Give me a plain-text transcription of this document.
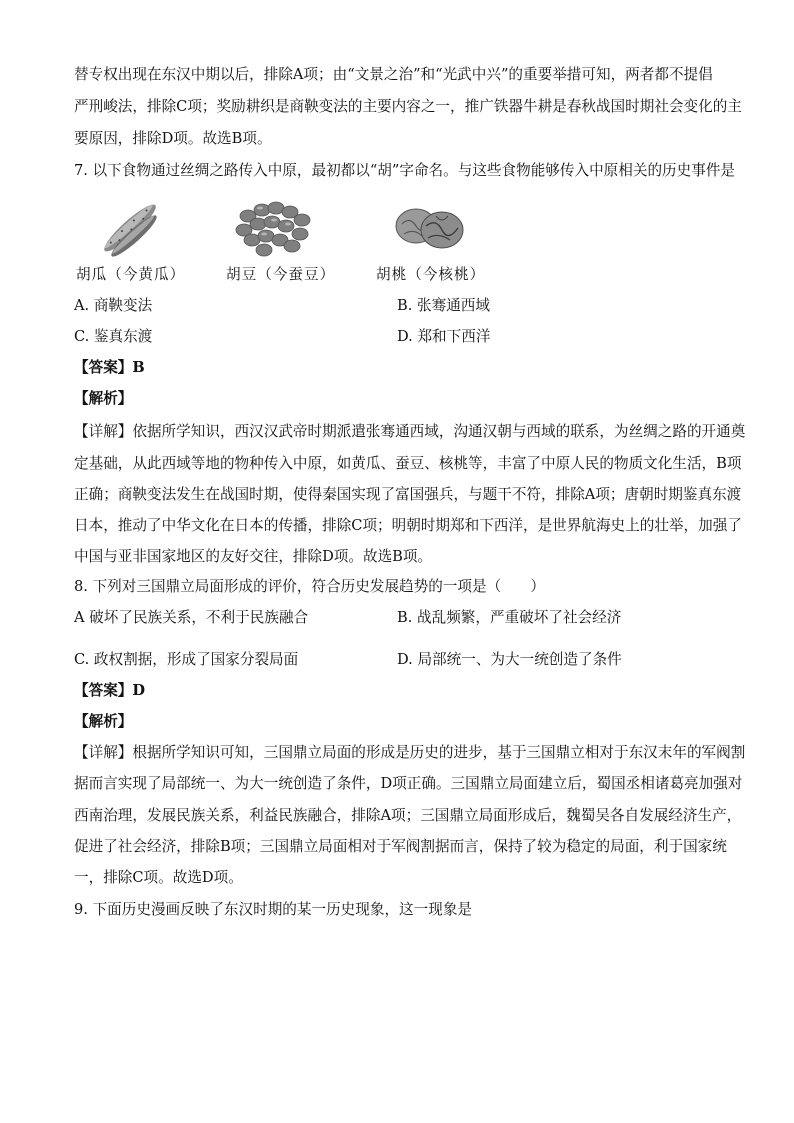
替专权出现在东汉中期以后，排除A项；由“文景之治”和“光武中兴”的重要举措可知，两者都不提倡
严刑峻法，排除C项；奖励耕织是商鞅变法的主要内容之一，推广铁器牛耕是春秋战国时期社会变化的主
要原因，排除D项。故选B项。
7. 以下食物通过丝绸之路传入中原，最初都以“胡”字命名。与这些食物能够传入中原相关的历史事件是
胡瓜（今黄瓜）	胡豆（今蚕豆）	胡桃（今核桃）
A. 商鞅变法	B. 张骞通西域
C. 鉴真东渡	D. 郑和下西洋
【答案】B
【解析】
【详解】依据所学知识，西汉汉武帝时期派遣张骞通西域，沟通汉朝与西域的联系，为丝绸之路的开通奠
定基础，从此西域等地的物种传入中原，如黄瓜、蚕豆、核桃等，丰富了中原人民的物质文化生活，B项
正确；商鞅变法发生在战国时期，使得秦国实现了富国强兵，与题干不符，排除A项；唐朝时期鉴真东渡
日本，推动了中华文化在日本的传播，排除C项；明朝时期郑和下西洋，是世界航海史上的壮举，加强了
中国与亚非国家地区的友好交往，排除D项。故选B项。
8. 下列对三国鼎立局面形成的评价，符合历史发展趋势的一项是（　　）
A 破坏了民族关系，不利于民族融合	B. 战乱频繁，严重破坏了社会经济
C. 政权割据，形成了国家分裂局面	D. 局部统一、为大一统创造了条件
【答案】D
【解析】
【详解】根据所学知识可知，三国鼎立局面的形成是历史的进步，基于三国鼎立相对于东汉末年的军阀割
据而言实现了局部统一、为大一统创造了条件，D项正确。三国鼎立局面建立后，蜀国丞相诸葛亮加强对
西南治理，发展民族关系，利益民族融合，排除A项；三国鼎立局面形成后，魏蜀吴各自发展经济生产，
促进了社会经济，排除B项；三国鼎立局面相对于军阀割据而言，保持了较为稳定的局面，利于国家统
一，排除C项。故选D项。
9. 下面历史漫画反映了东汉时期的某一历史现象，这一现象是
